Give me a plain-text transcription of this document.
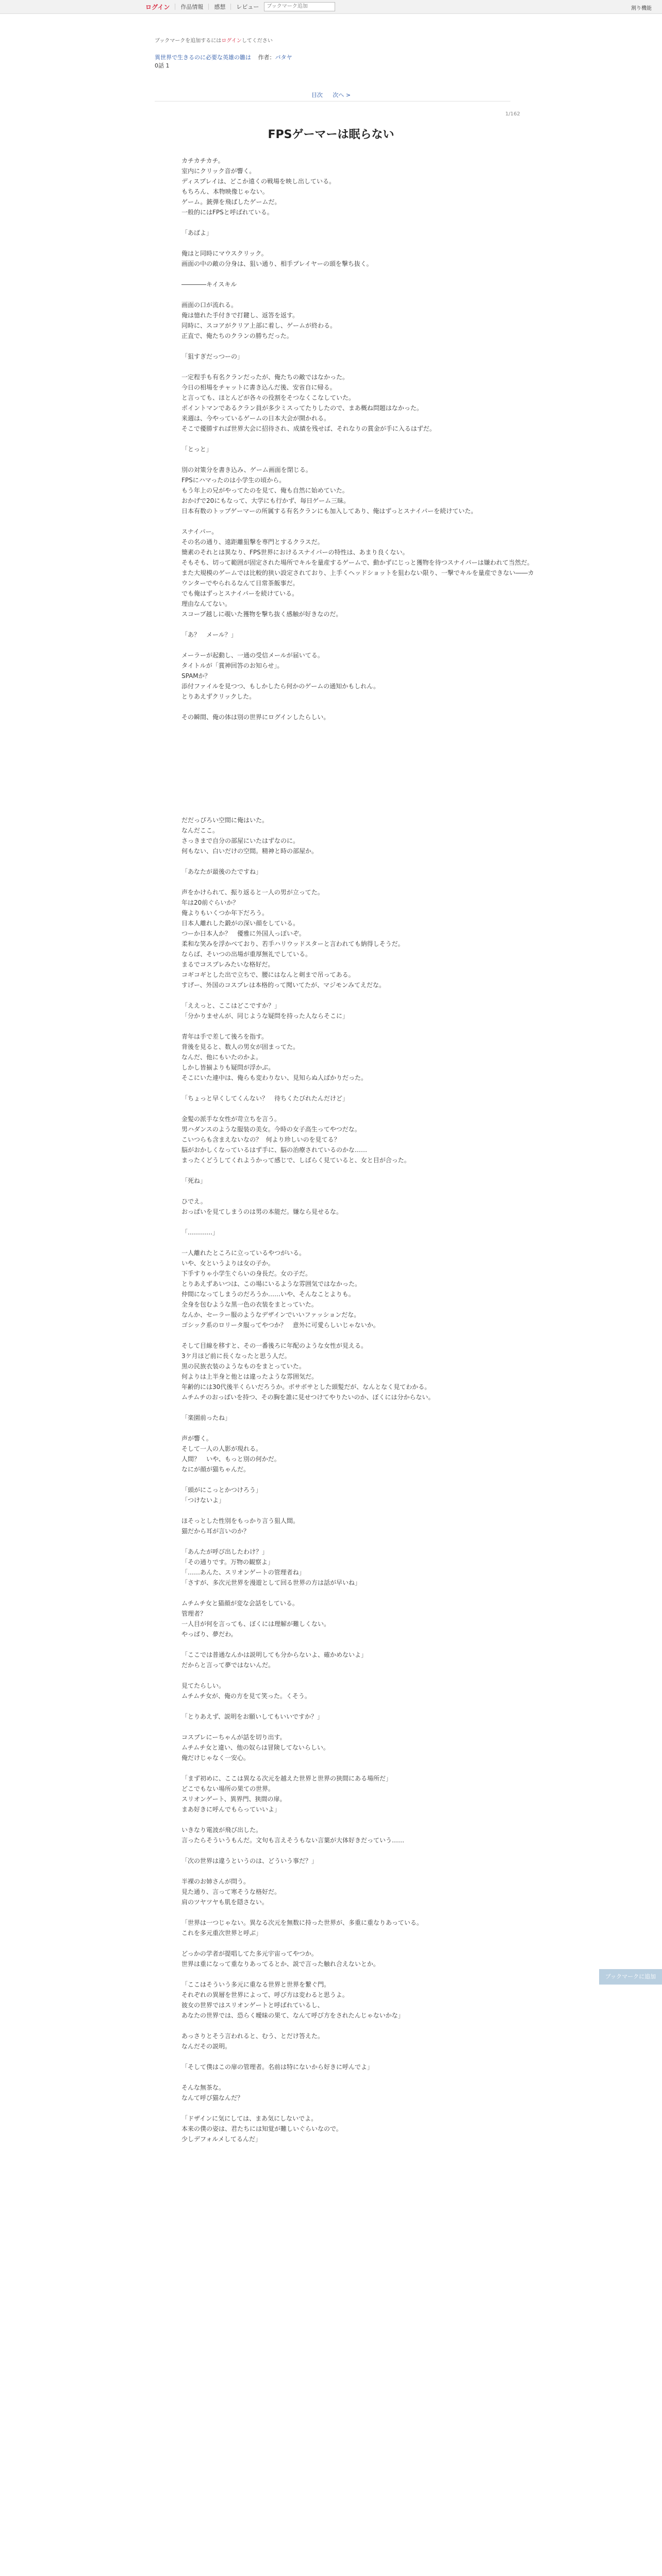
ログイン 作品情報 感想 レビュー
ブックマーク追加	割り機能
ブックマークを追加するにはログインしてください
異世界で生きるのに必要な英雄の雛は 作者：パタヤ
0話 1
目次 次へ >
1/162
FPSゲーマーは眠らない

カチカチカチ。

室内にクリック音が響く。

ディスプレイは、どこか遠くの戦場を映し出している。

もちろん、本物映像じゃない。

ゲーム。銃弾を飛ばしたゲームだ。

一般的にはFPSと呼ばれている。

「あばよ」

俺はと同時にマウスクリック。

画面の中の敵の分身は、狙い通り、相手プレイヤーの頭を撃ち抜く。

――――キイスキル

画面の口が流れる。

俺は憶れた手付きで打鍵し、返答を返す。

同時に、スコアがクリア上部に着し、ゲームが終わる。

正直で、俺たちのクランの勝ちだった。

「狙すぎだっつーの」

一定程手も有名クランだったが、俺たちの敵ではなかった。

今日の相場をチャットに書き込んだ後、安省自に帰る。

と言っても、ほとんどが各々の役割をそつなくこなしていた。

ポイントマンであるクラン員が多少ミスってたりしたので、まあ概ね問題はなかった。

来週は、今やっているゲームの日本大会が開かれる。

そこで優勝すれば世界大会に招待され、成績を残せば、それなりの賞金が手に入るはずだ。

「とっと」

別の対策分を書き込み、ゲーム画面を閉じる。

FPSにハマったのは小学生の頃から。

もう年上の兄がやってたのを見て、俺も自然に始めていた。

おかげで20にもなって、大学にも行かず、毎日ゲーム三昧。

日本有数のトップゲーマーの所属する有名クランにも加入してあり、俺はずっとスナイパーを続けていた。

スナイパー。

その名の通り、遠距離狙撃を専門とするクラスだ。

簡素のそれとは異なり、FPS世界におけるスナイパーの特性は、あまり良くない。

そもそも、切って範囲が固定された場所でキルを量産するゲームで、動かずにじっと獲物を待つスナイパーは嫌われて当然だ。

また大規模のゲームでは比較的狭い設定されており、上手くヘッドショットを狙わない限り、一撃でキルを量産できない――カウンターでやられるなんて日常茶飯事だ。

でも俺はずっとスナイパーを続けている。

理由なんてない。

スコープ越しに覗いた獲物を撃ち抜く感触が好きなのだ。

「あ？　メール？」

メーラーが起動し、一通の受信メールが届いてる。

タイトルが「賞神回答のお知らせ」。

SPAMか？

添付ファイルを見つつ、もしかしたら何かのゲームの通知かもしれん。

とりあえずクリックした。

その瞬間、俺の体は別の世界にログインしたらしい。

だだっぴろい空間に俺はいた。

なんだここ。

さっきまで自分の部屋にいたはずなのに。

何もない、白いだけの空間。精神と時の部屋か。

「あなたが最後のたですね」

声をかけられて、振り返ると一人の男が立ってた。

年は20前ぐらいか？

俺よりもいくつか年下だろう。

日本人離れした鍛がの深い顔をしている。

つーか日本人か？　優雅に外国人っぽいぞ。

柔和な笑みを浮かべており、若手ハリウッドスターと言われても納得しそうだ。

ならば、そいつの出場が重厚無礼でしている。

まるでコスプレみたいな格好だ。

コギコギとした出で立ちで、腰にはなんと剣まで吊ってある。

すげー、外国のコスプレは本格的って聞いてたが、マジモンみてえだな。

「ええっと、ここはどこですか？」

「分かりませんが、同じような疑問を持った人ならそこに」

青年は手で差して後ろを指す。

背後を見ると、数人の男女が固まってた。

なんだ、他にもいたのかよ。

しかし皆揃よりも疑問が浮かぶ。

そこにいた連中は、俺らも変わりない、見知らぬ人ばかりだった。

「ちょっと早くしてくんない？　待ちくたびれたんだけど」

金髪の派手な女性が苛立ちを言う。

男ハダンスのような服装の美女。今時の女子高生ってやつだな。

こいつらも含まえないなの？  何より珍しいのを見てる？

脳がおかしくなっているはず手に、脳の治療されているのかな……

まったくどうしてくれようかって感じで、しばらく見ていると、女と目が合った。

「死ね」

ひでえ。

おっぱいを見てしまうのは男の本能だ。嫌なら見せるな。

「…………」

一人離れたところに立っているやつがいる。

いや、女というよりは女の子か。

下手すりゃ小学生ぐらいの身長だ。女の子だ。

とりあえずあいつは、この場にいるような雰囲気ではなかった。

仲間になってしまうのだろうか……いや、そんなことよりも。

全身を包むような黒一色の衣装をまとっていた。

なんか、セーラー服のようなデザインでいいファッションだな。

ゴシック系のロリータ服ってやつか？　意外に可愛らしいじゃないか。

そして目線を移すと、その一番後ろに年配のような女性が見える。

3ケ月ほど前に長くなったと思う人だ。

黒の民族衣装のようなものをまとっていた。

何よりは上半身と他とは違ったような雰囲気だ。

年齢的には30代後半くらいだろうか。ボサボサとした頭髪だが、なんとなく見てわかる。

ムチムチのおっぱいを持つ、その胸を誰に見せつけてやりたいのか、ぼくには分からない。

「楽園前ったね」

声が響く。

そして一人の人影が現れる。

人間？　いや、もっと別の何かだ。

なにが顔が猫ちゃんだ。

「頭がにこっとかつけろう」

「つけないよ」

ほそっとした性別をもっかり言う狙人間。

猫だから耳が言いのか？

「あんたが呼び出したわけ？」

「その通りです。万物の観察よ」

「……あんた、スリオンゲートの管理者ね」

「さすが、多次元世界を漫遊として回る世界の方は話が早いね」

ムチムチ女と猫顔が変な会話をしている。

管理者？

一人目が何を言っても、ぼくには理解が難しくない。

やっぱり、夢だわ。

「ここでは普通なんかは説明しても分からないよ、確かめないよ」

だからと言って夢ではないんだ。

見てたらしい。

ムチムチ女が、俺の方を見て笑った。くそう。

「とりあえず、説明をお願いしてもいいですか？」

コスプレにーちゃんが話を切り出す。

ムチムチ女と違い、他の奴らは冒険してないらしい。

俺だけじゃなく一安心。

「まず初めに、ここは異なる次元を越えた世界と世界の狭間にある場所だ」

どこでもない場所の果ての世界。

スリオンゲート、異界門、狭間の扉。

まあ好きに呼んでもらっていいよ」

いきなり電波が飛び出した。

言ったらそういうもんだ。文句も言えそうもない言葉が大体好きだっていう……

「次の世界は違うというのは、どういう事だ？」

半裸のお姉さんが問う。

見た通り、言って寒そうな格好だ。

肩のツヤツヤも肌を隠さない。

「世界は一つじゃない。異なる次元を無数に持った世界が、多重に重なりあっている。

これを多元重次世界と呼ぶ」

どっかの学者が提唱してた多元宇宙ってやつか。

世界は重になって重なりあってるとか、説で言った触れ合えないとか。

「ここはそういう多元に重なる世界と世界を繋ぐ門。

それぞれの異層を世界によって、呼び方は変わると思うよ。

彼女の世界ではスリオンゲートと呼ばれているし、

あなたの世界では、恐らく曖昧の果て、なんて呼び方をされたんじゃないかな」

あっさりとそう言われると、むう、とだけ答えた。

なんだその説明。

「そして僕はこの扉の管理者。名前は特にないから好きに呼んでよ」

そんな無茶な。

なんて呼び猫なんだ？

「ドザインに気にしては、まあ気にしないでよ。

本来の僕の姿は、君たちには知覚が難しいぐらいなので。

少しデフォルメしてるんだ」

ブックマークに追加
